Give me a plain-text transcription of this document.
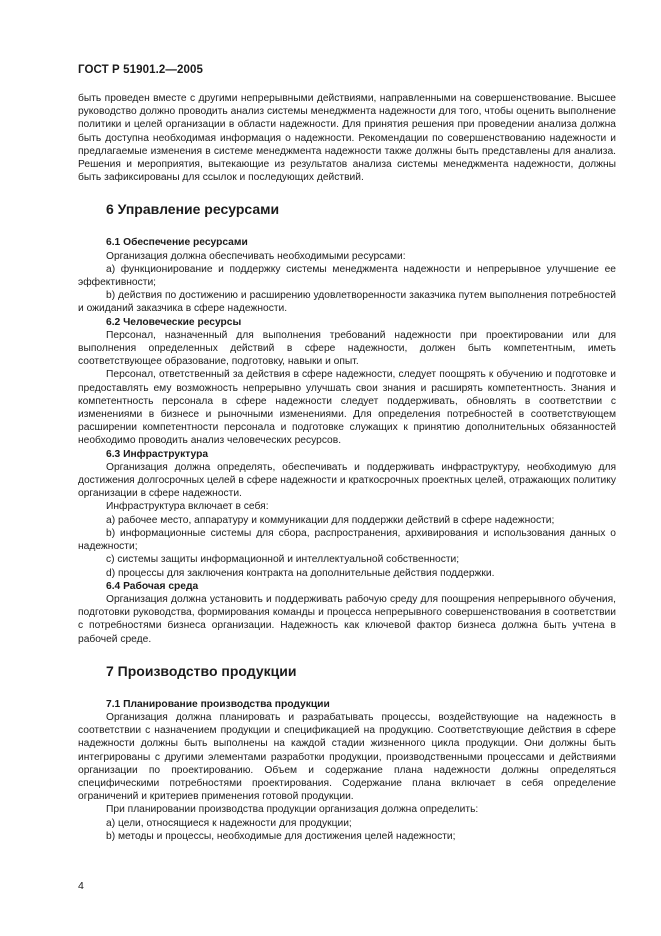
ГОСТ Р 51901.2—2005

быть проведен вместе с другими непрерывными действиями, направленными на совершенствование. Высшее руководство должно проводить анализ системы менеджмента надежности для того, чтобы оценить выполнение политики и целей организации в области надежности. Для принятия решения при проведении анализа должна быть доступна необходимая информация о надежности. Рекомендации по совершенствованию надежности и предлагаемые изменения в системе менеджмента надежности также должны быть представлены для анализа. Решения и мероприятия, вытекающие из результатов анализа системы менеджмента надежности, должны быть зафиксированы для ссылок и последующих действий.

6 Управление ресурсами

6.1 Обеспечение ресурсами

Организация должна обеспечивать необходимыми ресурсами:

а) функционирование и поддержку системы менеджмента надежности и непрерывное улучшение ее эффективности;

b) действия по достижению и расширению удовлетворенности заказчика путем выполнения потребностей и ожиданий заказчика в сфере надежности.

6.2 Человеческие ресурсы

Персонал, назначенный для выполнения требований надежности при проектировании или для выполнения определенных действий в сфере надежности, должен быть компетентным, иметь соответствующее образование, подготовку, навыки и опыт.

Персонал, ответственный за действия в сфере надежности, следует поощрять к обучению и подготовке и предоставлять ему возможность непрерывно улучшать свои знания и расширять компетентность. Знания и компетентность персонала в сфере надежности следует поддерживать, обновлять в соответствии с изменениями в бизнесе и рыночными изменениями. Для определения потребностей в соответствующем расширении компетентности персонала и подготовке служащих к принятию дополнительных обязанностей необходимо проводить анализ человеческих ресурсов.

6.3 Инфраструктура

Организация должна определять, обеспечивать и поддерживать инфраструктуру, необходимую для достижения долгосрочных целей в сфере надежности и краткосрочных проектных целей, отражающих политику организации в сфере надежности.

Инфраструктура включает в себя:

а) рабочее место, аппаратуру и коммуникации для поддержки действий в сфере надежности;

b) информационные системы для сбора, распространения, архивирования и использования данных о надежности;

c) системы защиты информационной и интеллектуальной собственности;

d) процессы для заключения контракта на дополнительные действия поддержки.

6.4 Рабочая среда

Организация должна установить и поддерживать рабочую среду для поощрения непрерывного обучения, подготовки руководства, формирования команды и процесса непрерывного совершенствования в соответствии с потребностями бизнеса организации. Надежность как ключевой фактор бизнеса должна быть учтена в рабочей среде.

7 Производство продукции

7.1 Планирование производства продукции

Организация должна планировать и разрабатывать процессы, воздействующие на надежность в соответствии с назначением продукции и спецификацией на продукцию. Соответствующие действия в сфере надежности должны быть выполнены на каждой стадии жизненного цикла продукции. Они должны быть интегрированы с другими элементами разработки продукции, производственными процессами и действиями организации по проектированию. Объем и содержание плана надежности должны определяться специфическими потребностями проектирования. Содержание плана включает в себя определение ограничений и критериев применения готовой продукции.

При планировании производства продукции организация должна определить:

а) цели, относящиеся к надежности для продукции;

b) методы и процессы, необходимые для достижения целей надежности;

4
